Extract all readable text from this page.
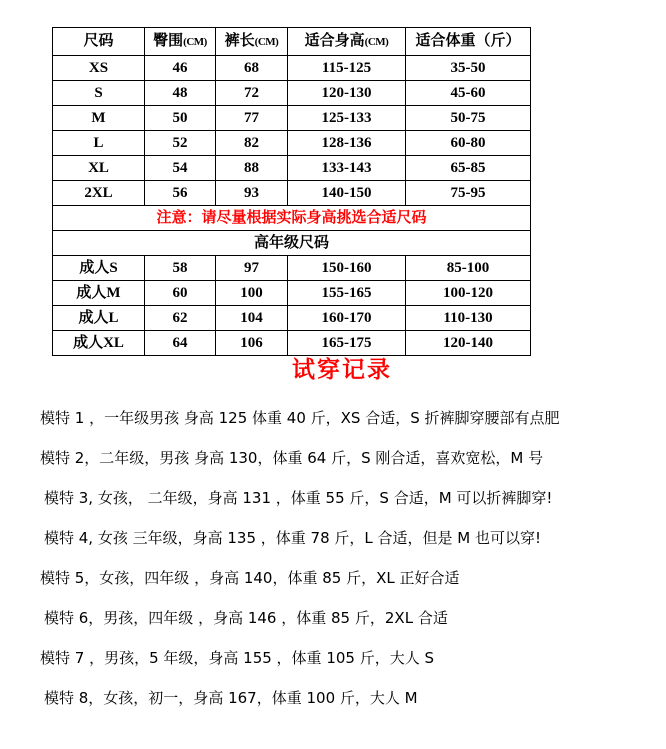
尺码	臀围(CM)	裤长(CM)	适合身高(CM)	适合体重（斤）
XS	46	68	115-125	35-50
S	48	72	120-130	45-60
M	50	77	125-133	50-75
L	52	82	128-136	60-80
XL	54	88	133-143	65-85
2XL	56	93	140-150	75-95
注意：请尽量根据实际身高挑选合适尺码				
高年级尺码				
成人S	58	97	150-160	85-100
成人M	60	100	155-165	100-120
成人L	62	104	160-170	110-130
成人XL	64	106	165-175	120-140
试穿记录
模特 1 ，一年级男孩 身高 125 体重 40 斤，XS 合适，S 折裤脚穿腰部有点肥
模特 2，二年级，男孩 身高 130，体重 64 斤，S 刚合适，喜欢宽松，M 号
模特 3, 女孩， 二年级，身高 131 ，体重 55 斤，S 合适，M 可以折裤脚穿!
模特 4, 女孩 三年级，身高 135 ，体重 78 斤，L 合适，但是 M 也可以穿!
模特 5，女孩，四年级 ，身高 140，体重 85 斤，XL 正好合适
模特 6，男孩，四年级 ，身高 146 ，体重 85 斤，2XL 合适
模特 7 ，男孩，5 年级，身高 155 ，体重 105 斤，大人 S
模特 8，女孩，初一，身高 167，体重 100 斤，大人 M
